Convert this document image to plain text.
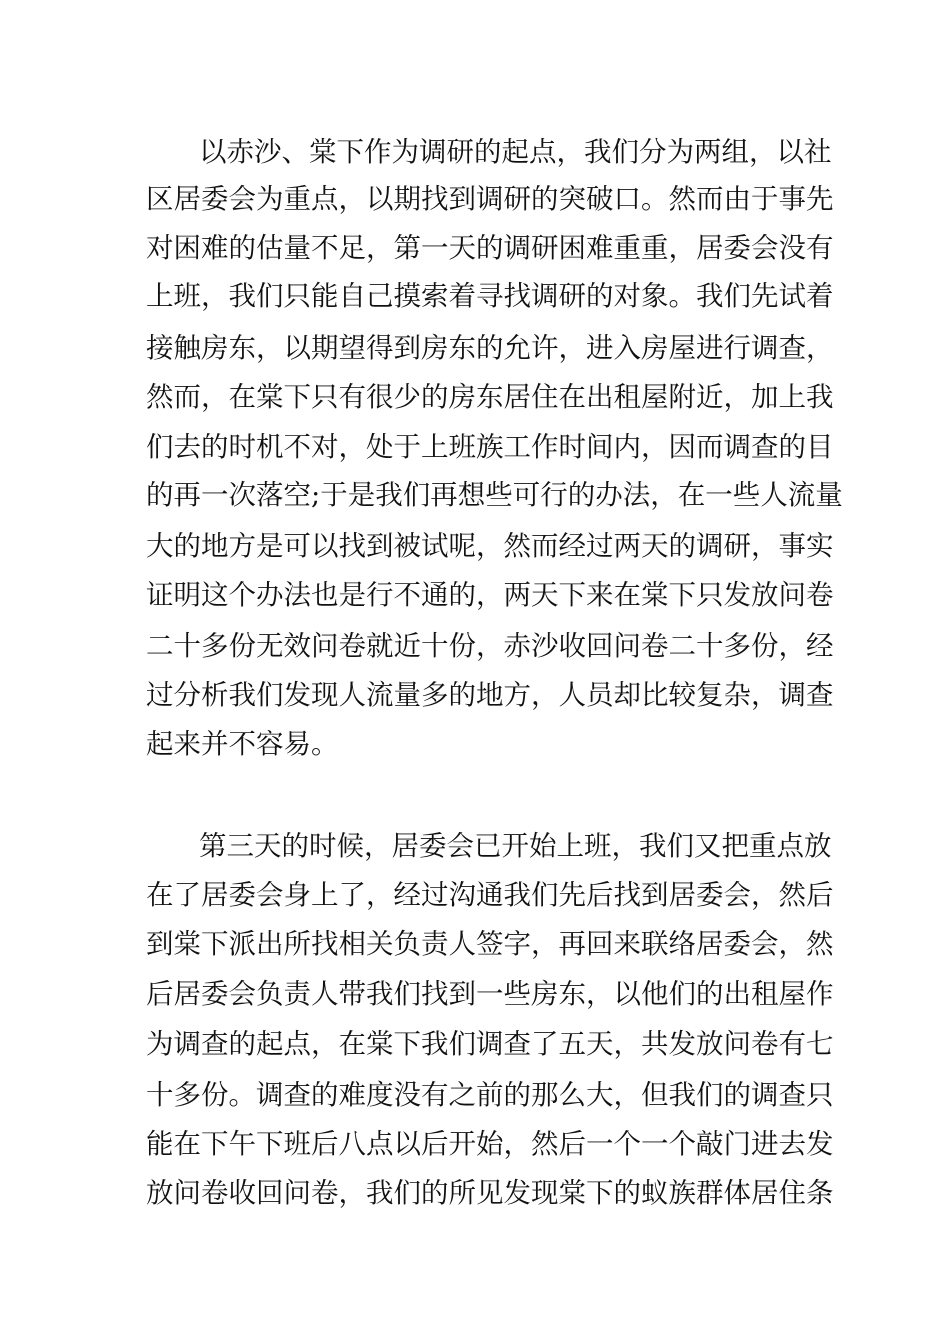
以赤沙、棠下作为调研的起点，我们分为两组，以社
区居委会为重点，以期找到调研的突破口。然而由于事先
对困难的估量不足，第一天的调研困难重重，居委会没有
上班，我们只能自己摸索着寻找调研的对象。我们先试着
接触房东，以期望得到房东的允许，进入房屋进行调查，
然而，在棠下只有很少的房东居住在出租屋附近，加上我
们去的时机不对，处于上班族工作时间内，因而调查的目
的再一次落空;于是我们再想些可行的办法，在一些人流量
大的地方是可以找到被试呢，然而经过两天的调研，事实
证明这个办法也是行不通的，两天下来在棠下只发放问卷
二十多份无效问卷就近十份，赤沙收回问卷二十多份，经
过分析我们发现人流量多的地方，人员却比较复杂，调查
起来并不容易。
第三天的时候，居委会已开始上班，我们又把重点放
在了居委会身上了，经过沟通我们先后找到居委会，然后
到棠下派出所找相关负责人签字，再回来联络居委会，然
后居委会负责人带我们找到一些房东，以他们的出租屋作
为调查的起点，在棠下我们调查了五天，共发放问卷有七
十多份。调查的难度没有之前的那么大，但我们的调查只
能在下午下班后八点以后开始，然后一个一个敲门进去发
放问卷收回问卷，我们的所见发现棠下的蚁族群体居住条
